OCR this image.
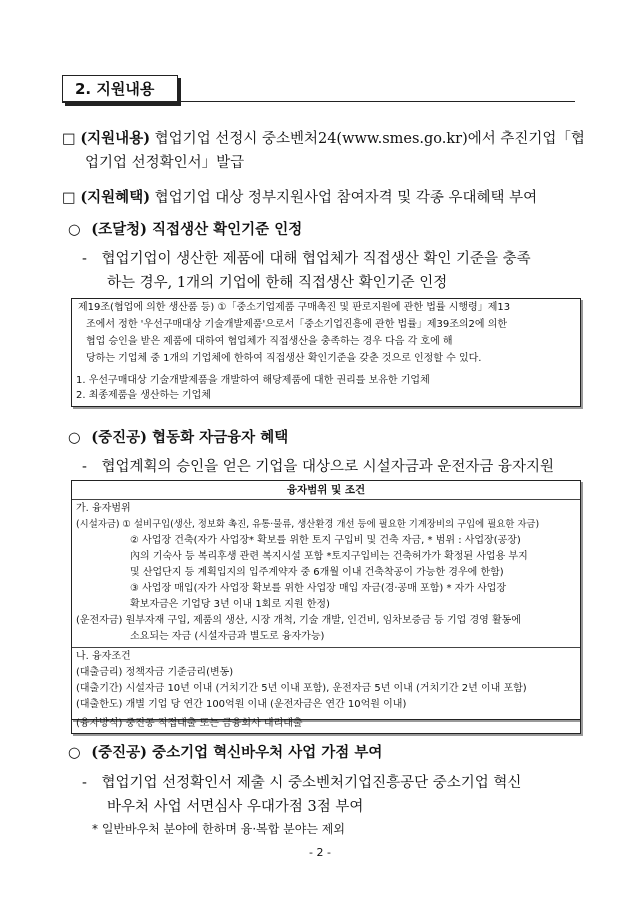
2. 지원내용
□ (지원내용) 협업기업 선정시 중소벤처24(www.smes.go.kr)에서 추진기업「협
업기업 선정확인서」발급
□ (지원혜택) 협업기업 대상 정부지원사업 참여자격 및 각종 우대혜택 부여
○ (조달청) 직접생산 확인기준 인정
- 협업기업이 생산한 제품에 대해 협업체가 직접생산 확인 기준을 충족
하는 경우, 1개의 기업에 한해 직접생산 확인기준 인정
제19조(협업에 의한 생산품 등) ①「중소기업제품 구매촉진 및 판로지원에 관한 법률 시행령」제13
조에서 정한 '우선구매대상 기술개발제품'으로서「중소기업진흥에 관한 법률」제39조의2에 의한
협업 승인을 받은 제품에 대하여 협업체가 직접생산을 충족하는 경우 다음 각 호에 해
당하는 기업체 중 1개의 기업체에 한하여 직접생산 확인기준을 갖춘 것으로 인정할 수 있다.
1. 우선구매대상 기술개발제품을 개발하여 해당제품에 대한 권리를 보유한 기업체
2. 최종제품을 생산하는 기업체
○ (중진공) 협동화 자금융자 혜택
- 협업계획의 승인을 얻은 기업을 대상으로 시설자금과 운전자금 융자지원
융자범위 및 조건
가. 융자범위
(시설자금) ① 설비구입(생산, 정보화 촉진, 유통·물류, 생산환경 개선 등에 필요한 기계장비의 구입에 필요한 자금)
② 사업장 건축(자가 사업장* 확보를 위한 토지 구입비 및 건축 자금, * 범위 : 사업장(공장)
內의 기숙사 등 복리후생 관련 복지시설 포함 *토지구입비는 건축허가가 확정된 사업용 부지
및 산업단지 등 계획입지의 입주계약자 중 6개월 이내 건축착공이 가능한 경우에 한함)
③ 사업장 매입(자가 사업장 확보를 위한 사업장 매입 자금(경·공매 포함) * 자가 사업장
확보자금은 기업당 3년 이내 1회로 지원 한정)
(운전자금) 원부자재 구입, 제품의 생산, 시장 개척, 기술 개발, 인건비, 임차보증금 등 기업 경영 활동에
소요되는 자금 (시설자금과 별도로 융자가능)
나. 융자조건
(대출금리) 정책자금 기준금리(변동)
(대출기간) 시설자금 10년 이내 (거치기간 5년 이내 포함), 운전자금 5년 이내 (거치기간 2년 이내 포함)
(대출한도) 개별 기업 당 연간 100억원 이내 (운전자금은 연간 10억원 이내)
(융자방식) 중진공 직접대출 또는 금융회사 대리대출
○ (중진공) 중소기업 혁신바우처 사업 가점 부여
- 협업기업 선정확인서 제출 시 중소벤처기업진흥공단 중소기업 혁신
바우처 사업 서면심사 우대가점 3점 부여
* 일반바우처 분야에 한하며 융·복합 분야는 제외
- 2 -
